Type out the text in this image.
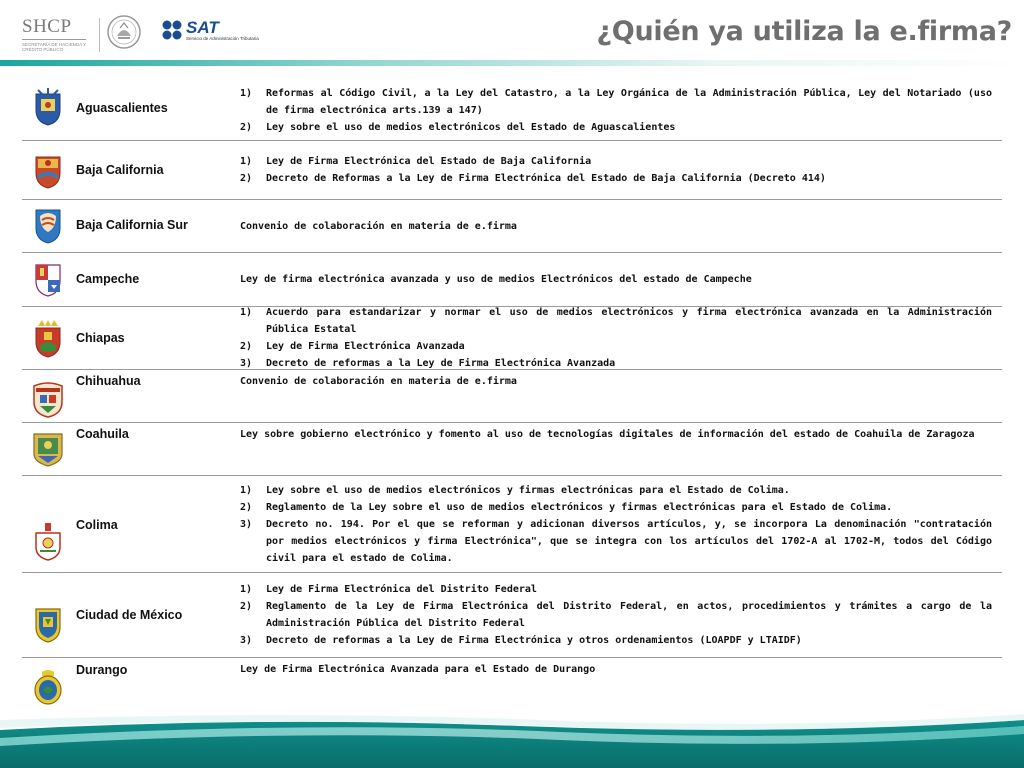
SHCP
SECRETARÍA DE HACIENDA Y CRÉDITO PÚBLICO
SAT
Servicio de Administración Tributaria	¿Quién ya utiliza la e.firma?
Aguascalientes
1)	Reformas al Código Civil, a la Ley del Catastro, a la Ley Orgánica de la Administración Pública, Ley del Notariado (uso de firma electrónica arts.139 a 147)
2)	Ley sobre el uso de medios electrónicos del Estado de Aguascalientes
Baja California
1)	Ley de Firma Electrónica del Estado de Baja California
2)	Decreto de Reformas a la Ley de Firma Electrónica del Estado de Baja California (Decreto 414)
Baja California Sur	Convenio de colaboración en materia de e.firma
Campeche	Ley de firma electrónica avanzada y uso de medios Electrónicos del estado de Campeche
Chiapas
1)	Acuerdo para estandarizar y normar el uso de medios electrónicos y firma electrónica avanzada en la Administración Pública Estatal
2)	Ley de Firma Electrónica Avanzada
3)	Decreto de reformas a la Ley de Firma Electrónica Avanzada
Chihuahua	Convenio de colaboración en materia de e.firma
Coahuila	Ley sobre gobierno electrónico y fomento al uso de tecnologías digitales de información del estado de Coahuila de Zaragoza
Colima
1)	Ley sobre el uso de medios electrónicos y firmas electrónicas para el Estado de Colima.
2)	Reglamento de la Ley sobre el uso de medios electrónicos y firmas electrónicas para el Estado de Colima.
3)	Decreto no. 194. Por el que se reforman y adicionan diversos artículos, y, se incorpora La denominación "contratación por medios electrónicos y firma Electrónica", que se integra con los artículos del 1702-A al 1702-M, todos del Código civil para el estado de Colima.
Ciudad de México
1)	Ley de Firma Electrónica del Distrito Federal
2)	Reglamento de la Ley de Firma Electrónica del Distrito Federal, en actos, procedimientos y trámites a cargo de la Administración Pública del Distrito Federal
3)	Decreto de reformas a la Ley de Firma Electrónica y otros ordenamientos (LOAPDF y LTAIDF)
Durango	Ley de Firma Electrónica Avanzada para el Estado de Durango
